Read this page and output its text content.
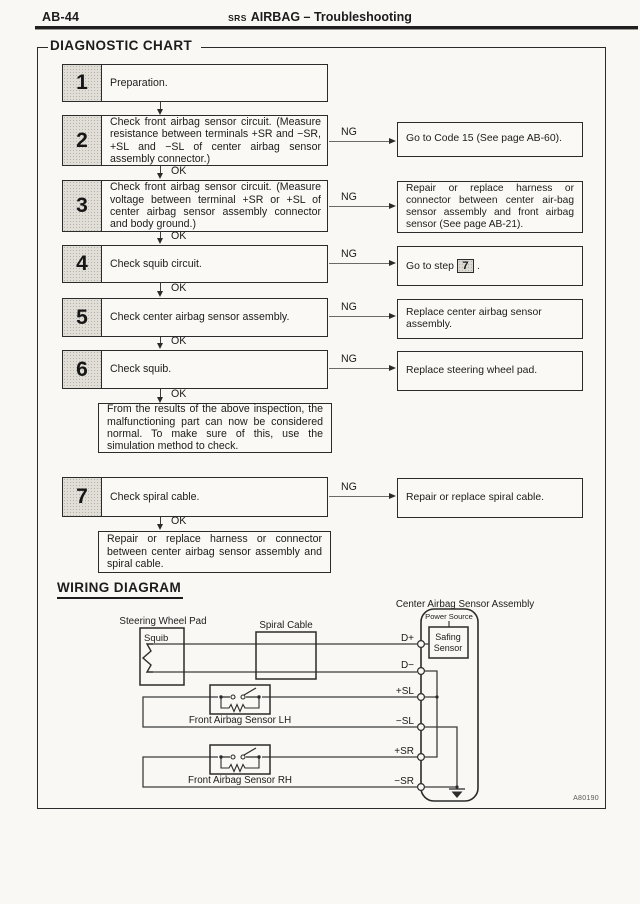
AB-44	SRS AIRBAG – Troubleshooting
DIAGNOSTIC CHART
1	Preparation.
2
Check front airbag sensor circuit. (Measure resistance between terminals +SR and −SR, +SL and −SL of center airbag sensor assembly connector.)
NG
Go to Code 15 (See page AB-60).
OK
3
Check front airbag sensor circuit. (Measure voltage between terminal +SR or +SL of center airbag sensor assembly connector and body ground.)
NG
Repair or replace harness or connector between center air-bag sensor assembly and front airbag sensor (See page AB-21).
OK
4	Check squib circuit.
NG
Go to step 7 .
OK
5	Check center airbag sensor assembly.
NG	Replace center airbag sensor assembly.
OK
6	Check squib.
NG
Replace steering wheel pad.
OK
From the results of the above inspection, the malfunctioning part can now be considered normal. To make sure of this, use the simulation method to check.
7	Check spiral cable.
NG
Repair or replace spiral cable.
OK
Repair or replace harness or connector between center airbag sensor assembly and spiral cable.
WIRING DIAGRAM
Center Airbag Sensor Assembly
Steering Wheel Pad
Squib
Spiral Cable
Front Airbag Sensor LH
Front Airbag Sensor RH
Power Source
Safing
Sensor
D+
D−
+SL
−SL
+SR
−SR
A80190
